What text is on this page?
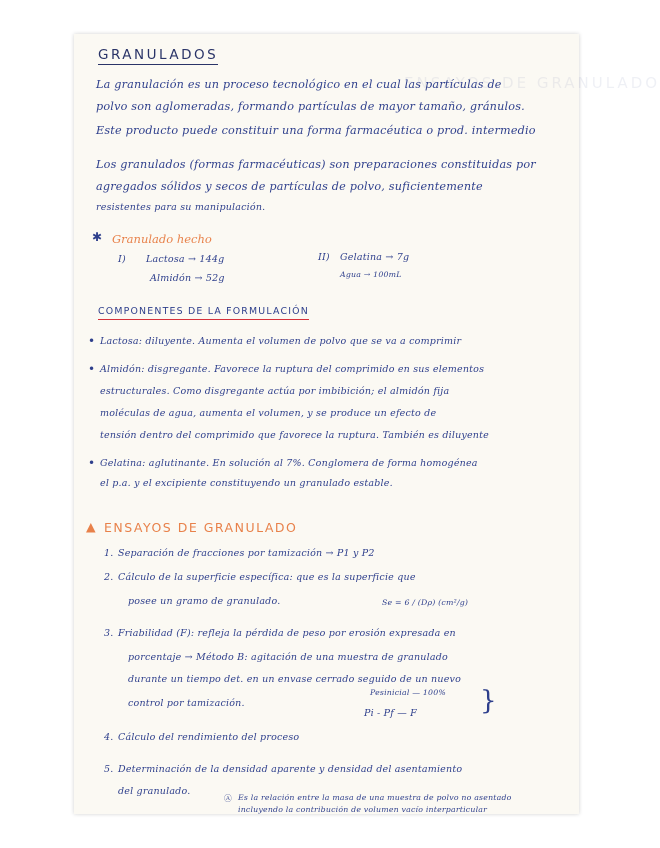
ENSAYOS DE GRANULADO
GRANULADOS
La granulación es un proceso tecnológico en el cual las partículas de
polvo son aglomeradas, formando partículas de mayor tamaño, gránulos.
Este producto puede constituir una forma farmacéutica o prod. intermedio
Los granulados (formas farmacéuticas) son preparaciones constituidas por
agregados sólidos y secos de partículas de polvo, suficientemente
resistentes para su manipulación.
✱ Granulado hecho
I) Lactosa → 144g
Almidón → 52g
II) Gelatina → 7g
Agua → 100mL
COMPONENTES DE LA FORMULACIÓN
• Lactosa: diluyente. Aumenta el volumen de polvo que se va a comprimir
• Almidón: disgregante. Favorece la ruptura del comprimido en sus elementos
estructurales. Como disgregante actúa por imbibición; el almidón fija
moléculas de agua, aumenta el volumen, y se produce un efecto de
tensión dentro del comprimido que favorece la ruptura. También es diluyente
• Gelatina: aglutinante. En solución al 7%. Conglomera de forma homogénea
el p.a. y el excipiente constituyendo un granulado estable.
▲ ENSAYOS DE GRANULADO
1. Separación de fracciones por tamización → P1 y P2
2. Cálculo de la superficie específica: que es la superficie que
posee un gramo de granulado.	Se = 6 / (Dρ) (cm²/g)
3. Friabilidad (F): refleja la pérdida de peso por erosión expresada en
porcentaje → Método B: agitación de una muestra de granulado
durante un tiempo det. en un envase cerrado seguido de un nuevo
control por tamización.
Pesinicial — 100%
Pi - Pf — F }
4. Cálculo del rendimiento del proceso
5. Determinación de la densidad aparente y densidad del asentamiento
del granulado.
Ⓐ Es la relación entre la masa de una muestra de polvo no asentado
incluyendo la contribución de volumen vacío interparticular
